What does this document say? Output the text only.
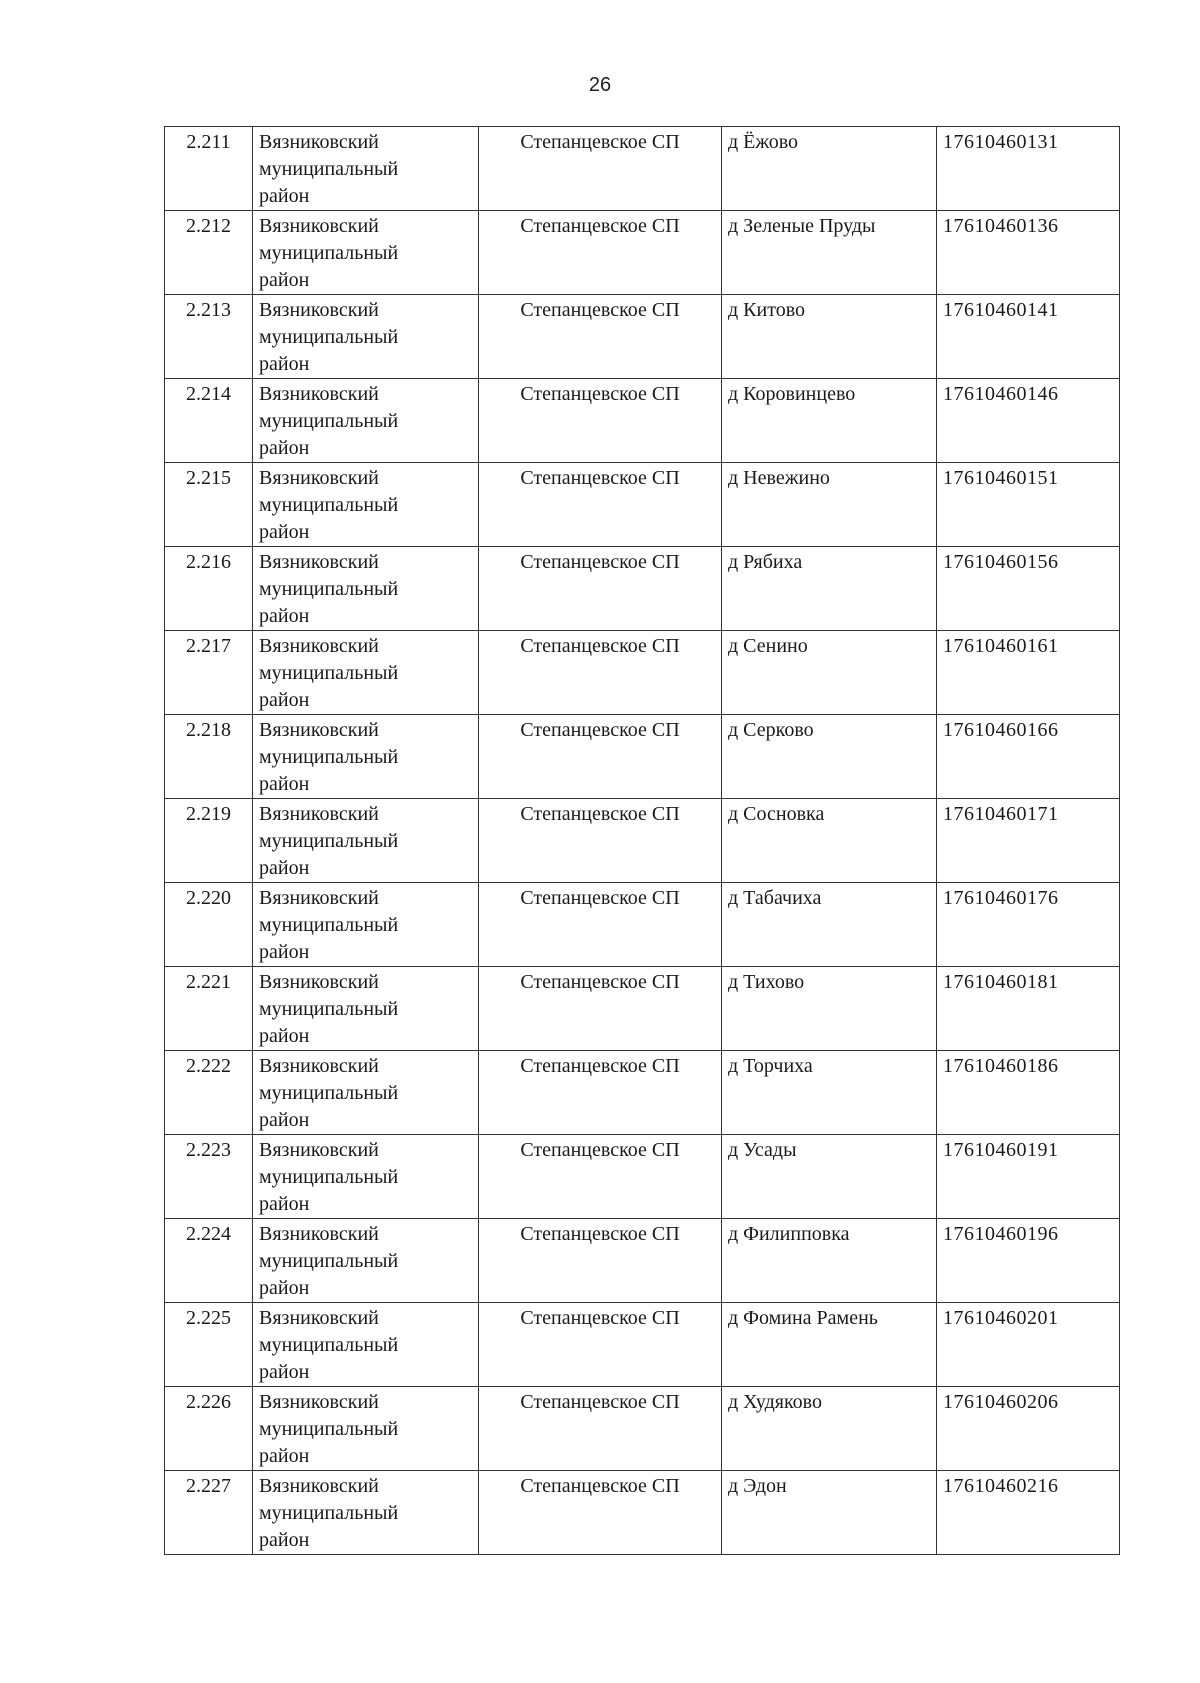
26
2.211	Вязниковский
муниципальный
район	Степанцевское СП	д Ёжово	17610460131
2.212	Вязниковский
муниципальный
район	Степанцевское СП	д Зеленые Пруды	17610460136
2.213	Вязниковский
муниципальный
район	Степанцевское СП	д Китово	17610460141
2.214	Вязниковский
муниципальный
район	Степанцевское СП	д Коровинцево	17610460146
2.215	Вязниковский
муниципальный
район	Степанцевское СП	д Невежино	17610460151
2.216	Вязниковский
муниципальный
район	Степанцевское СП	д Рябиха	17610460156
2.217	Вязниковский
муниципальный
район	Степанцевское СП	д Сенино	17610460161
2.218	Вязниковский
муниципальный
район	Степанцевское СП	д Серково	17610460166
2.219	Вязниковский
муниципальный
район	Степанцевское СП	д Сосновка	17610460171
2.220	Вязниковский
муниципальный
район	Степанцевское СП	д Табачиха	17610460176
2.221	Вязниковский
муниципальный
район	Степанцевское СП	д Тихово	17610460181
2.222	Вязниковский
муниципальный
район	Степанцевское СП	д Торчиха	17610460186
2.223	Вязниковский
муниципальный
район	Степанцевское СП	д Усады	17610460191
2.224	Вязниковский
муниципальный
район	Степанцевское СП	д Филипповка	17610460196
2.225	Вязниковский
муниципальный
район	Степанцевское СП	д Фомина Рамень	17610460201
2.226	Вязниковский
муниципальный
район	Степанцевское СП	д Худяково	17610460206
2.227	Вязниковский
муниципальный
район	Степанцевское СП	д Эдон	17610460216
